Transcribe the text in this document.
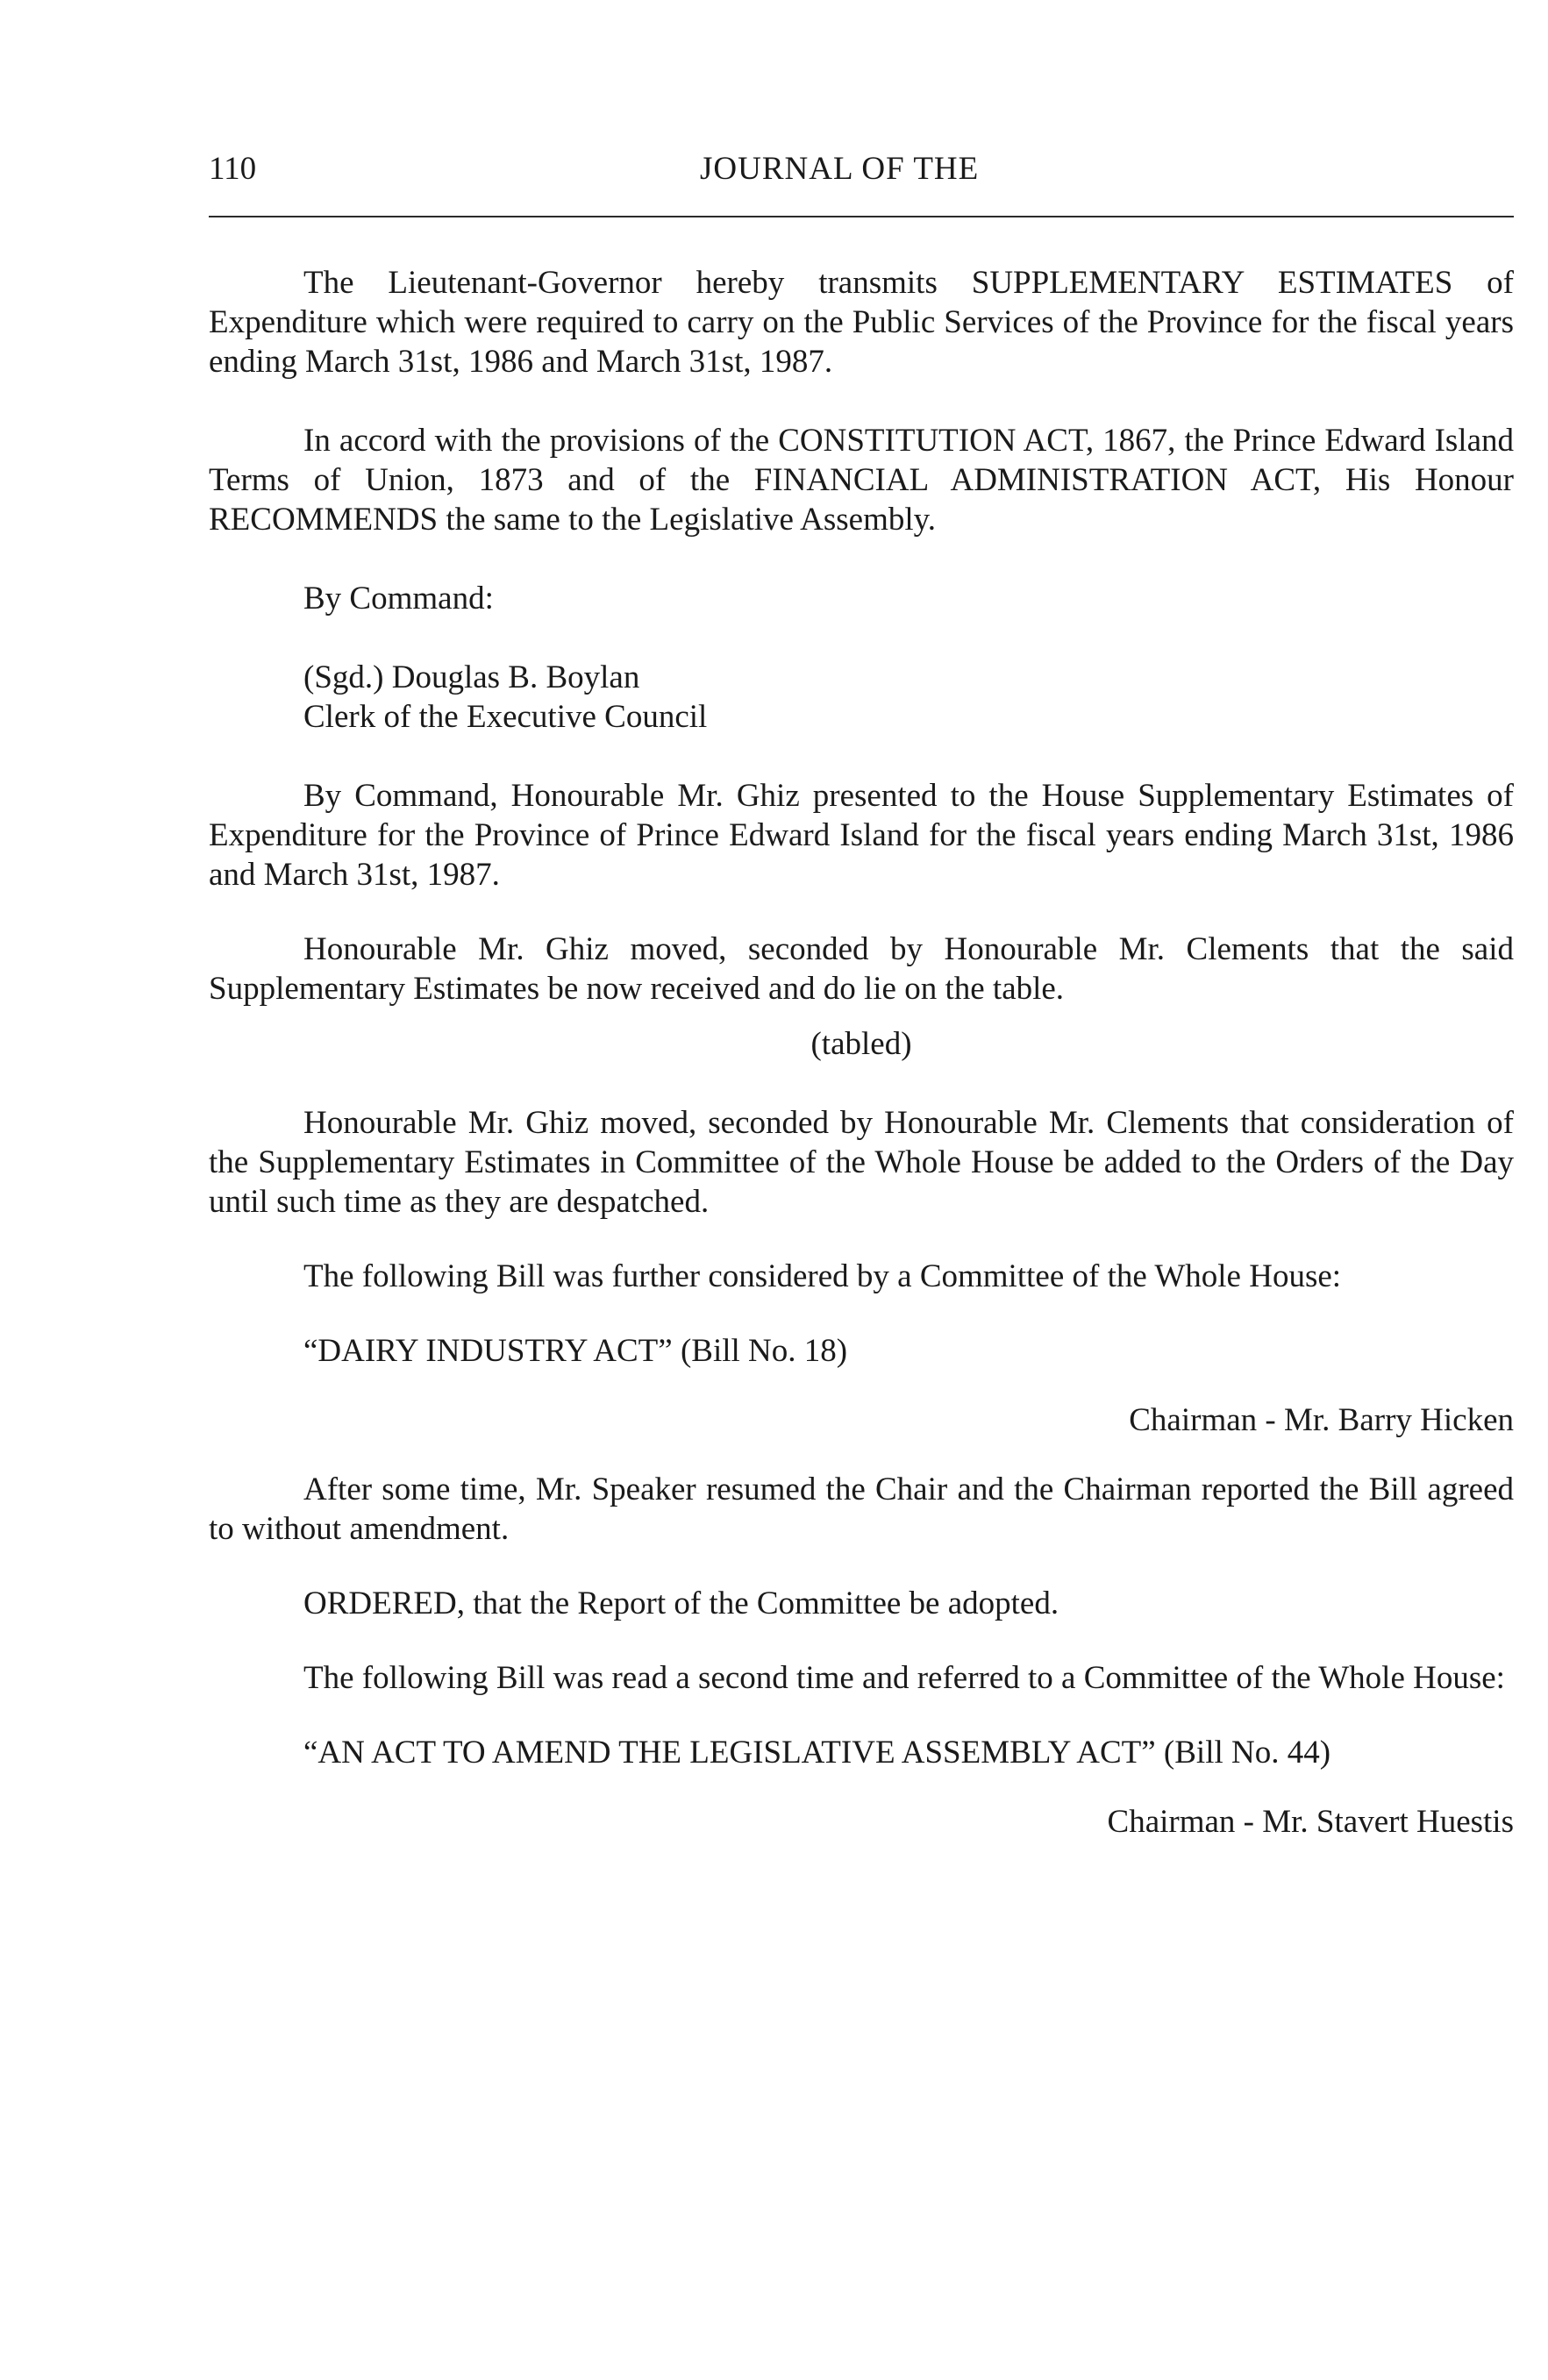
110	JOURNAL OF THE

The Lieutenant-Governor hereby transmits SUPPLEMENTARY ESTIMATES of Expenditure which were required to carry on the Public Services of the Province for the fiscal years ending March 31st, 1986 and March 31st, 1987.

In accord with the provisions of the CONSTITUTION ACT, 1867, the Prince Edward Island Terms of Union, 1873 and of the FINANCIAL ADMINISTRATION ACT, His Honour RECOMMENDS the same to the Legislative Assembly.

By Command:

(Sgd.) Douglas B. Boylan

Clerk of the Executive Council

By Command, Honourable Mr. Ghiz presented to the House Supplementary Estimates of Expenditure for the Province of Prince Edward Island for the fiscal years ending March 31st, 1986 and March 31st, 1987.

Honourable Mr. Ghiz moved, seconded by Honourable Mr. Clements that the said Supplementary Estimates be now received and do lie on the table.

(tabled)

Honourable Mr. Ghiz moved, seconded by Honourable Mr. Clements that consideration of the Supplementary Estimates in Committee of the Whole House be added to the Orders of the Day until such time as they are despatched.

The following Bill was further considered by a Committee of the Whole House:

“DAIRY INDUSTRY ACT” (Bill No. 18)

Chairman - Mr. Barry Hicken

After some time, Mr. Speaker resumed the Chair and the Chairman reported the Bill agreed to without amendment.

ORDERED, that the Report of the Committee be adopted.

The following Bill was read a second time and referred to a Committee of the Whole House:

“AN ACT TO AMEND THE LEGISLATIVE ASSEMBLY ACT” (Bill No. 44)

Chairman - Mr. Stavert Huestis
